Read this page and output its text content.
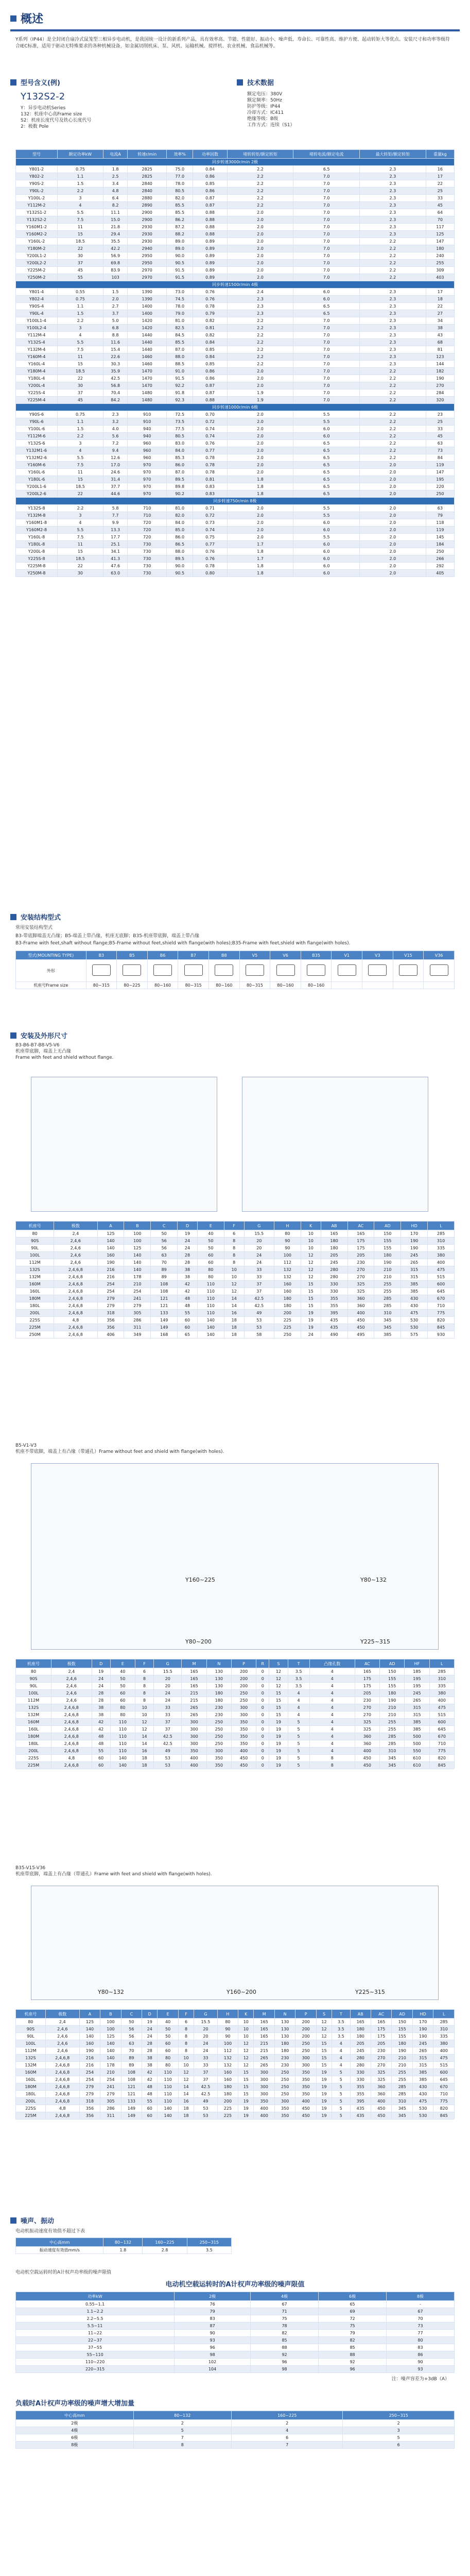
概述

Y系列（IP44）是全封闭自扇冷式鼠笼型三相异步电动机，是我国统一设计的新系列产品，具有效率高、节能、性能好、振动小、噪声低、寿命长、可靠性高、维护方便、起动转矩大等优点。安装尺寸和功率等级符合IEC标准，适用于驱动无特殊要求的各种机械设备，如金属切削机床、泵、风机、运输机械、搅拌机、农业机械、食品机械等。

型号含义(例)
Y132S2-2
Y：异步电动机Series
132：机座中心高Frame size
S2：机座长度代号及铁心长度代号
2：极数 Pole
技术数据
额定电压：380V
额定频率：50Hz
防护等级：IP44
冷却方式：IC411
绝缘等级：B级
工作方式：连续（S1）
型号	额定功率kW	电流A	转速r/min	效率%	功率因数	堵转转矩/额定转矩	堵转电流/额定电流	最大转矩/额定转矩	重量kg
同步转速3000r/min 2极									
Y801-2	0.75	1.8	2825	75.0	0.84	2.2	6.5	2.3	16
Y802-2	1.1	2.5	2825	77.0	0.86	2.2	7.0	2.3	17
Y90S-2	1.5	3.4	2840	78.0	0.85	2.2	7.0	2.3	22
Y90L-2	2.2	4.8	2840	80.5	0.86	2.2	7.0	2.3	25
Y100L-2	3	6.4	2880	82.0	0.87	2.2	7.0	2.3	33
Y112M-2	4	8.2	2890	85.5	0.87	2.2	7.0	2.3	45
Y132S1-2	5.5	11.1	2900	85.5	0.88	2.0	7.0	2.3	64
Y132S2-2	7.5	15.0	2900	86.2	0.88	2.0	7.0	2.3	70
Y160M1-2	11	21.8	2930	87.2	0.88	2.0	7.0	2.3	117
Y160M2-2	15	29.4	2930	88.2	0.88	2.0	7.0	2.3	125
Y160L-2	18.5	35.5	2930	89.0	0.89	2.0	7.0	2.2	147
Y180M-2	22	42.2	2940	89.0	0.89	2.0	7.0	2.2	180
Y200L1-2	30	56.9	2950	90.0	0.89	2.0	7.0	2.2	240
Y200L2-2	37	69.8	2950	90.5	0.89	2.0	7.0	2.2	255
Y225M-2	45	83.9	2970	91.5	0.89	2.0	7.0	2.2	309
Y250M-2	55	103	2970	91.5	0.89	2.0	7.0	2.2	403
同步转速1500r/min 4极									
Y801-4	0.55	1.5	1390	73.0	0.76	2.4	6.0	2.3	17
Y802-4	0.75	2.0	1390	74.5	0.76	2.3	6.0	2.3	18
Y90S-4	1.1	2.7	1400	78.0	0.78	2.3	6.5	2.3	22
Y90L-4	1.5	3.7	1400	79.0	0.79	2.3	6.5	2.3	27
Y100L1-4	2.2	5.0	1420	81.0	0.82	2.2	7.0	2.3	34
Y100L2-4	3	6.8	1420	82.5	0.81	2.2	7.0	2.3	38
Y112M-4	4	8.8	1440	84.5	0.82	2.2	7.0	2.3	43
Y132S-4	5.5	11.6	1440	85.5	0.84	2.2	7.0	2.3	68
Y132M-4	7.5	15.4	1440	87.0	0.85	2.2	7.0	2.3	81
Y160M-4	11	22.6	1460	88.0	0.84	2.2	7.0	2.3	123
Y160L-4	15	30.3	1460	88.5	0.85	2.2	7.0	2.3	144
Y180M-4	18.5	35.9	1470	91.0	0.86	2.0	7.0	2.2	182
Y180L-4	22	42.5	1470	91.5	0.86	2.0	7.0	2.2	190
Y200L-4	30	56.8	1470	92.2	0.87	2.0	7.0	2.2	270
Y225S-4	37	70.4	1480	91.8	0.87	1.9	7.0	2.2	284
Y225M-4	45	84.2	1480	92.3	0.88	1.9	7.0	2.2	320
同步转速1000r/min 6极									
Y90S-6	0.75	2.3	910	72.5	0.70	2.0	5.5	2.2	23
Y90L-6	1.1	3.2	910	73.5	0.72	2.0	5.5	2.2	25
Y100L-6	1.5	4.0	940	77.5	0.74	2.0	6.0	2.2	33
Y112M-6	2.2	5.6	940	80.5	0.74	2.0	6.0	2.2	45
Y132S-6	3	7.2	960	83.0	0.76	2.0	6.5	2.2	63
Y132M1-6	4	9.4	960	84.0	0.77	2.0	6.5	2.2	73
Y132M2-6	5.5	12.6	960	85.3	0.78	2.0	6.5	2.2	84
Y160M-6	7.5	17.0	970	86.0	0.78	2.0	6.5	2.0	119
Y160L-6	11	24.6	970	87.0	0.78	2.0	6.5	2.0	147
Y180L-6	15	31.4	970	89.5	0.81	1.8	6.5	2.0	195
Y200L1-6	18.5	37.7	970	89.8	0.83	1.8	6.5	2.0	220
Y200L2-6	22	44.6	970	90.2	0.83	1.8	6.5	2.0	250
同步转速750r/min 8极									
Y132S-8	2.2	5.8	710	81.0	0.71	2.0	5.5	2.0	63
Y132M-8	3	7.7	710	82.0	0.72	2.0	5.5	2.0	79
Y160M1-8	4	9.9	720	84.0	0.73	2.0	6.0	2.0	118
Y160M2-8	5.5	13.3	720	85.0	0.74	2.0	6.0	2.0	119
Y160L-8	7.5	17.7	720	86.0	0.75	2.0	5.5	2.0	145
Y180L-8	11	25.1	730	86.5	0.77	1.7	6.0	2.0	184
Y200L-8	15	34.1	730	88.0	0.76	1.8	6.0	2.0	250
Y225S-8	18.5	41.3	730	89.5	0.76	1.7	6.0	2.0	266
Y225M-8	22	47.6	730	90.0	0.78	1.8	6.0	2.0	292
Y250M-8	30	63.0	730	90.5	0.80	1.8	6.0	2.0	405
安装结构型式
常用安装结构型式
B3-带底脚端盖无凸缘；B5-端盖上带凸缘，机座无底脚；B35-机座带底脚，端盖上带凸缘
B3-Frame with feet,shaft without flange;B5-Frame without feet,shield with flange(with holes);B35-Frame with feet,shield with flange(with holes).
型式(MOUNTING TYPE)	B3	B5	B6	B7	B8	V5	V6	B35	V1	V3	V15	V36
外形												
机座号Frame size	80~315	80~225	80~160	80~315	80~160	80~315	80~160	80~160				
安装及外形尺寸
B3-B6-B7-B8-V5-V6
机座带底脚，端盖上无凸缘
Frame with feet and shield without flange.
机座号	极数	A	B	C	D	E	F	G	H	K	AB	AC	AD	HD	L
80	2,4	125	100	50	19	40	6	15.5	80	10	165	165	150	170	285
90S	2,4,6	140	100	56	24	50	8	20	90	10	180	175	155	190	310
90L	2,4,6	140	125	56	24	50	8	20	90	10	180	175	155	190	335
100L	2,4,6	160	140	63	28	60	8	24	100	12	205	205	180	245	380
112M	2,4,6	190	140	70	28	60	8	24	112	12	245	230	190	265	400
132S	2,4,6,8	216	140	89	38	80	10	33	132	12	280	270	210	315	475
132M	2,4,6,8	216	178	89	38	80	10	33	132	12	280	270	210	315	515
160M	2,4,6,8	254	210	108	42	110	12	37	160	15	330	325	255	385	600
160L	2,4,6,8	254	254	108	42	110	12	37	160	15	330	325	255	385	645
180M	2,4,6,8	279	241	121	48	110	14	42.5	180	15	355	360	285	430	670
180L	2,4,6,8	279	279	121	48	110	14	42.5	180	15	355	360	285	430	710
200L	2,4,6,8	318	305	133	55	110	16	49	200	19	395	400	310	475	775
225S	4,8	356	286	149	60	140	18	53	225	19	435	450	345	530	820
225M	2,4,6,8	356	311	149	60	140	18	53	225	19	435	450	345	530	845
250M	2,4,6,8	406	349	168	65	140	18	58	250	24	490	495	385	575	930
B5-V1-V3
机座不带底脚，端盖上有凸缘（带通孔）Frame without feet and shield with flange(with holes).
Y160~225	Y80~132
Y80~200	Y225~315
机座号	极数	D	E	F	G	M	N	P	R	S	T	凸缘孔数	AC	AD	HF	L
80	2,4	19	40	6	15.5	165	130	200	0	12	3.5	4	165	150	185	285
90S	2,4,6	24	50	8	20	165	130	200	0	12	3.5	4	175	155	195	310
90L	2,4,6	24	50	8	20	165	130	200	0	12	3.5	4	175	155	195	335
100L	2,4,6	28	60	8	24	215	180	250	0	15	4	4	205	180	245	380
112M	2,4,6	28	60	8	24	215	180	250	0	15	4	4	230	190	265	400
132S	2,4,6,8	38	80	10	33	265	230	300	0	15	4	4	270	210	315	475
132M	2,4,6,8	38	80	10	33	265	230	300	0	15	4	4	270	210	315	515
160M	2,4,6,8	42	110	12	37	300	250	350	0	19	5	4	325	255	385	600
160L	2,4,6,8	42	110	12	37	300	250	350	0	19	5	4	325	255	385	645
180M	2,4,6,8	48	110	14	42.5	300	250	350	0	19	5	4	360	285	500	670
180L	2,4,6,8	48	110	14	42.5	300	250	350	0	19	5	4	360	285	500	710
200L	2,4,6,8	55	110	16	49	350	300	400	0	19	5	4	400	310	550	775
225S	4,8	60	140	18	53	400	350	450	0	19	5	8	450	345	610	820
225M	2,4,6,8	60	140	18	53	400	350	450	0	19	5	8	450	345	610	845
B35-V15-V36
机座带底脚，端盖上有凸缘（带通孔）Frame with feet and shield with flange(with holes).
Y80~132	Y160~200	Y225~315
机座号	极数	A	B	C	D	E	F	G	H	K	M	N	P	S	T	AB	AC	AD	HD	L
80	2,4	125	100	50	19	40	6	15.5	80	10	165	130	200	12	3.5	165	165	150	170	285
90S	2,4,6	140	100	56	24	50	8	20	90	10	165	130	200	12	3.5	180	175	155	190	310
90L	2,4,6	140	125	56	24	50	8	20	90	10	165	130	200	12	3.5	180	175	155	190	335
100L	2,4,6	160	140	63	28	60	8	24	100	12	215	180	250	15	4	205	205	180	245	380
112M	2,4,6	190	140	70	28	60	8	24	112	12	215	180	250	15	4	245	230	190	265	400
132S	2,4,6,8	216	140	89	38	80	10	33	132	12	265	230	300	15	4	280	270	210	315	475
132M	2,4,6,8	216	178	89	38	80	10	33	132	12	265	230	300	15	4	280	270	210	315	515
160M	2,4,6,8	254	210	108	42	110	12	37	160	15	300	250	350	19	5	330	325	255	385	600
160L	2,4,6,8	254	254	108	42	110	12	37	160	15	300	250	350	19	5	330	325	255	385	645
180M	2,4,6,8	279	241	121	48	110	14	42.5	180	15	300	250	350	19	5	355	360	285	430	670
180L	2,4,6,8	279	279	121	48	110	14	42.5	180	15	300	250	350	19	5	355	360	285	430	710
200L	2,4,6,8	318	305	133	55	110	16	49	200	19	350	300	400	19	5	395	400	310	475	775
225S	4,8	356	286	149	60	140	18	53	225	19	400	350	450	19	5	435	450	345	530	820
225M	2,4,6,8	356	311	149	60	140	18	53	225	19	400	350	450	19	5	435	450	345	530	845
噪声、振动
电动机振动速度有效值不超过下表
中心高mm	80~132	160~225	250~315
振动速度有效值mm/s	1.8	2.8	3.5
电动机空载运转时的A计权声功率级的噪声限值
电动机空载运转时的A计权声功率级的噪声限值
功率kW	2极	4极	6极	8极
0.55~1.1	76	67	65	-
1.1~2.2	79	71	69	67
2.2~5.5	83	75	72	70
5.5~11	87	78	75	73
11~22	90	82	79	77
22~37	93	85	82	80
37~55	96	88	85	83
55~110	98	92	88	86
110~220	102	96	92	90
220~315	104	98	96	93
注：噪声容差为+3dB（A）
负载时A计权声功率级的噪声增大增加量
中心高mm	80~132	160~225	250~315
2极	2	2	2
4极	5	4	3
6极	7	6	5
8极	8	7	6
